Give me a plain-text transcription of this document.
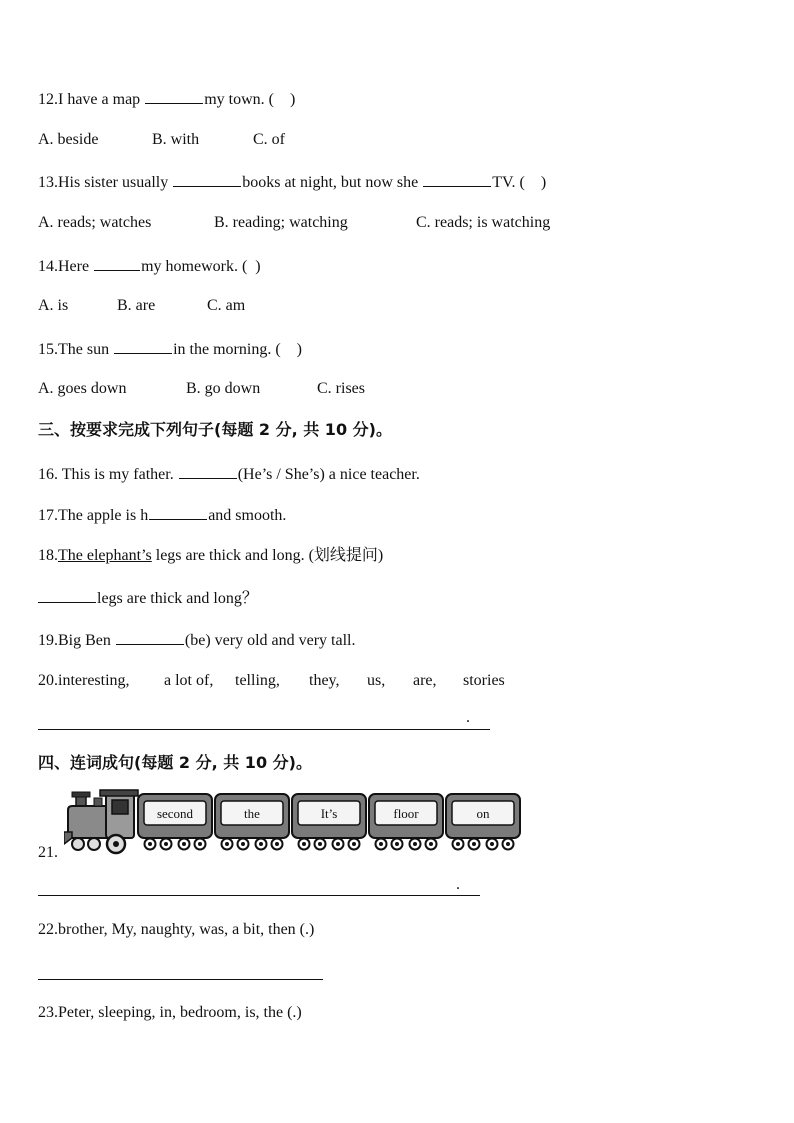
12.I have a map	my town. ( )
A. beside	B. with	C. of
13.His sister usually	books at night, but now she	TV. ( )
A. reads; watches	B. reading; watching	C. reads; is watching
14.Here	my homework. ( )
A. is	B. are	C. am
15.The sun	in the morning. ( )
A. goes down	B. go down	C. rises
三、按要求完成下列句子(每题 2 分, 共 10 分)。
16. This is my father.	(He’s / She’s) a nice teacher.
17.The apple is h	and smooth.
18.The elephant’s legs are thick and long. (划线提问)
legs are thick and long？
19.Big Ben	(be) very old and very tall.
20.interesting, a lot of, telling, they, us, are, stories
.
四、连词成句(每题 2 分, 共 10 分)。
second	the	It’s	floor	on
21.
.
22.brother, My, naughty, was, a bit, then (.)
23.Peter, sleeping, in, bedroom, is, the (.)
